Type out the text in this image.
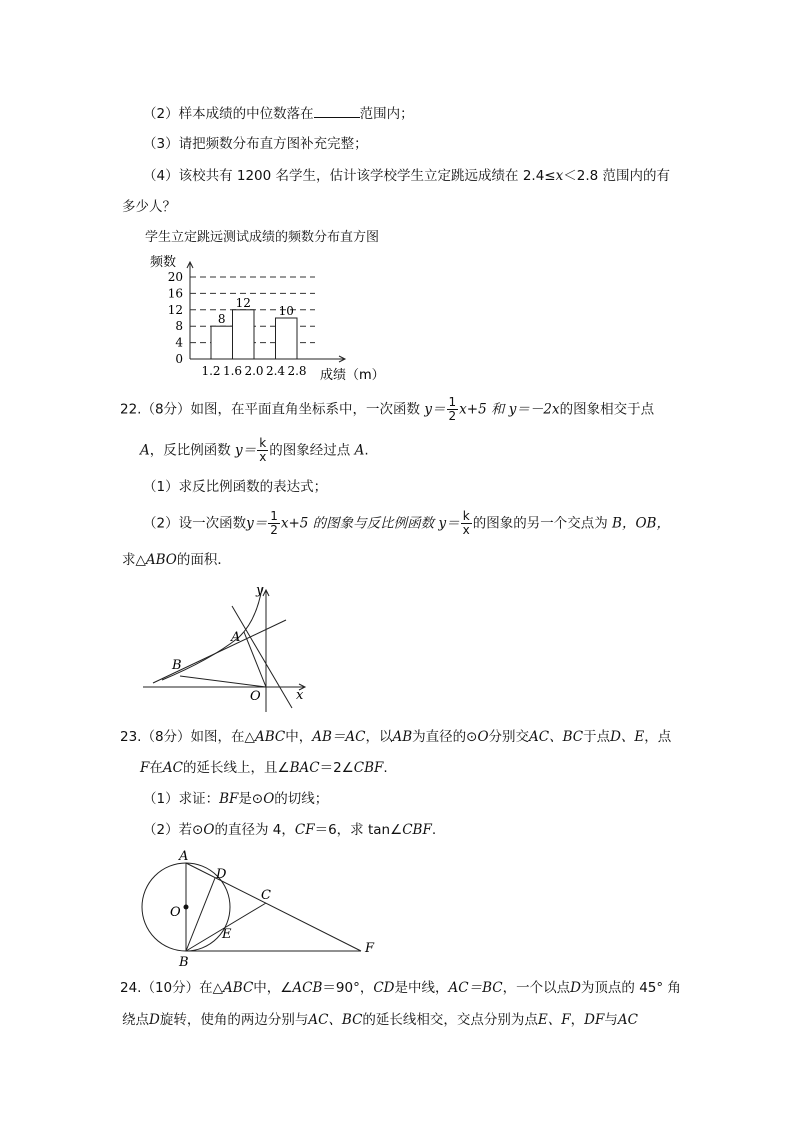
（2）样本成绩的中位数落在	范围内；
（3）请把频数分布直方图补充完整；
（4）该校共有 1200 名学生，估计该学校学生立定跳远成绩在 2.4≤x＜2.8 范围内的有
多少人？
学生立定跳远测试成绩的频数分布直方图
0
4
8
12
16
20
1.2 1.6 2.0 2.4 2.8
8
12
10
频数
成绩（m）
22.（8分）如图，在平面直角坐标系中，一次函数 $y= \frac{1}{2} x+5$ 和 y＝－2x的图象相交于点
A，反比例函数 $y= \frac{k}{x}$ 的图象经过点 A.
（1）求反比例函数的表达式；
（2）设一次函数$y= \frac{1}{2} x+5$ 的图象与反比例函数 $y= \frac{k}{x}$ 的图象的另一个交点为 B，OB，
求△ABO的面积．
y
x
A
B
O
23.（8分）如图，在△ABC中，AB＝AC，以AB为直径的⊙O分别交AC、BC于点D、E，点
F在AC的延长线上，且∠BAC＝2∠CBF.
（1）求证：BF是⊙O的切线；
（2）若⊙O的直径为 4，CF＝6，求 tan∠CBF.
A
D
C
O
E
B
F
24.（10分）在△ABC中，∠ACB＝90°，CD是中线，AC＝BC，一个以点D为顶点的 45° 角
绕点D旋转，使角的两边分别与AC、BC的延长线相交，交点分别为点E、F，DF与AC
